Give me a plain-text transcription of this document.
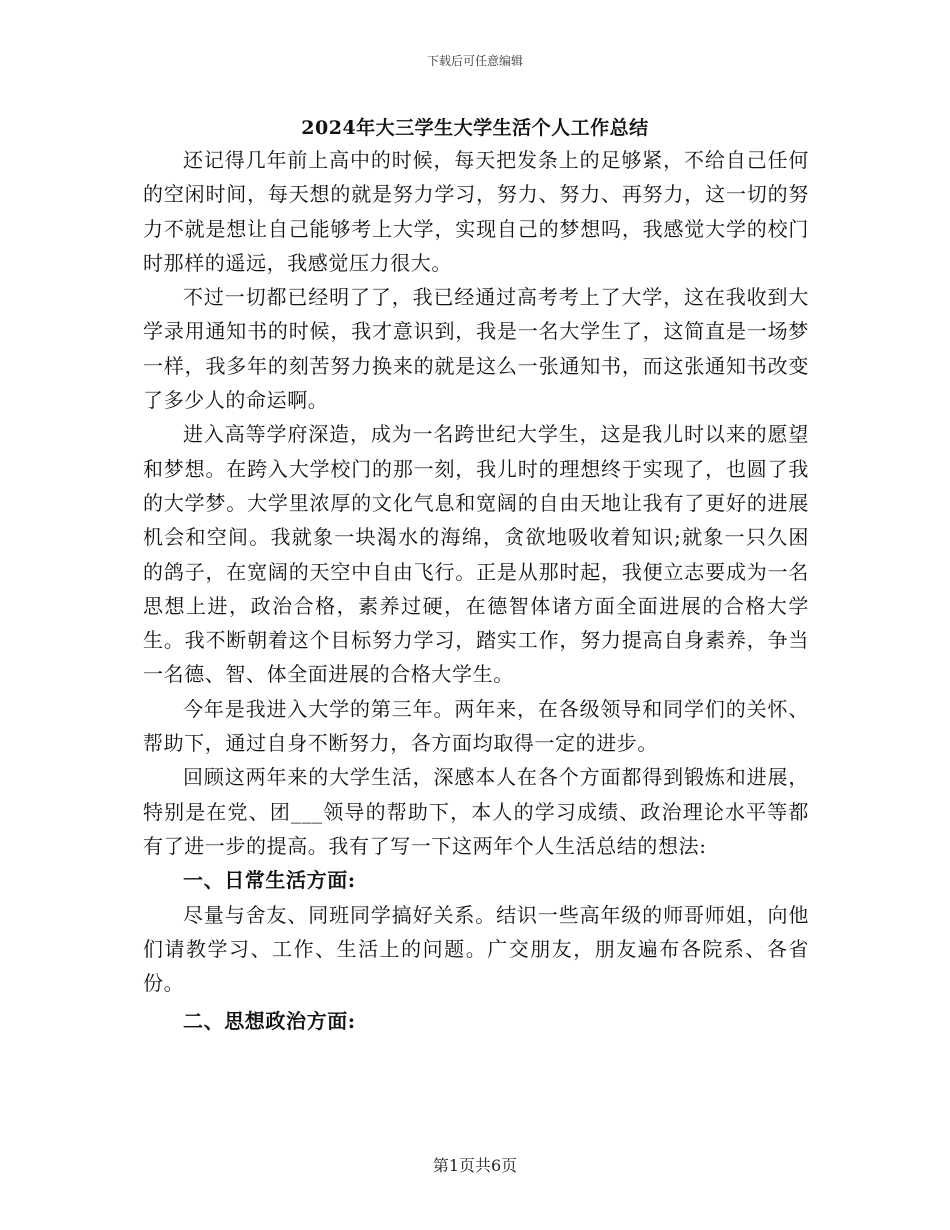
下载后可任意编辑
2024年大三学生大学生活个人工作总结

还记得几年前上高中的时候，每天把发条上的足够紧，不给自己任何的空闲时间，每天想的就是努力学习，努力、努力、再努力，这一切的努力不就是想让自己能够考上大学，实现自己的梦想吗，我感觉大学的校门时那样的遥远，我感觉压力很大。

不过一切都已经明了了，我已经通过高考考上了大学，这在我收到大学录用通知书的时候，我才意识到，我是一名大学生了，这简直是一场梦一样，我多年的刻苦努力换来的就是这么一张通知书，而这张通知书改变了多少人的命运啊。

进入高等学府深造，成为一名跨世纪大学生，这是我儿时以来的愿望和梦想。在跨入大学校门的那一刻，我儿时的理想终于实现了，也圆了我的大学梦。大学里浓厚的文化气息和宽阔的自由天地让我有了更好的进展机会和空间。我就象一块渴水的海绵，贪欲地吸收着知识;就象一只久困的鸽子，在宽阔的天空中自由飞行。正是从那时起，我便立志要成为一名思想上进，政治合格，素养过硬，在德智体诸方面全面进展的合格大学生。我不断朝着这个目标努力学习，踏实工作，努力提高自身素养，争当一名德、智、体全面进展的合格大学生。

今年是我进入大学的第三年。两年来，在各级领导和同学们的关怀、帮助下，通过自身不断努力，各方面均取得一定的进步。

回顾这两年来的大学生活，深感本人在各个方面都得到锻炼和进展，特别是在党、团___领导的帮助下，本人的学习成绩、政治理论水平等都有了进一步的提高。我有了写一下这两年个人生活总结的想法:

一、日常生活方面:

尽量与舍友、同班同学搞好关系。结识一些高年级的师哥师姐，向他们请教学习、工作、生活上的问题。广交朋友，朋友遍布各院系、各省份。

二、思想政治方面:

第1页共6页
